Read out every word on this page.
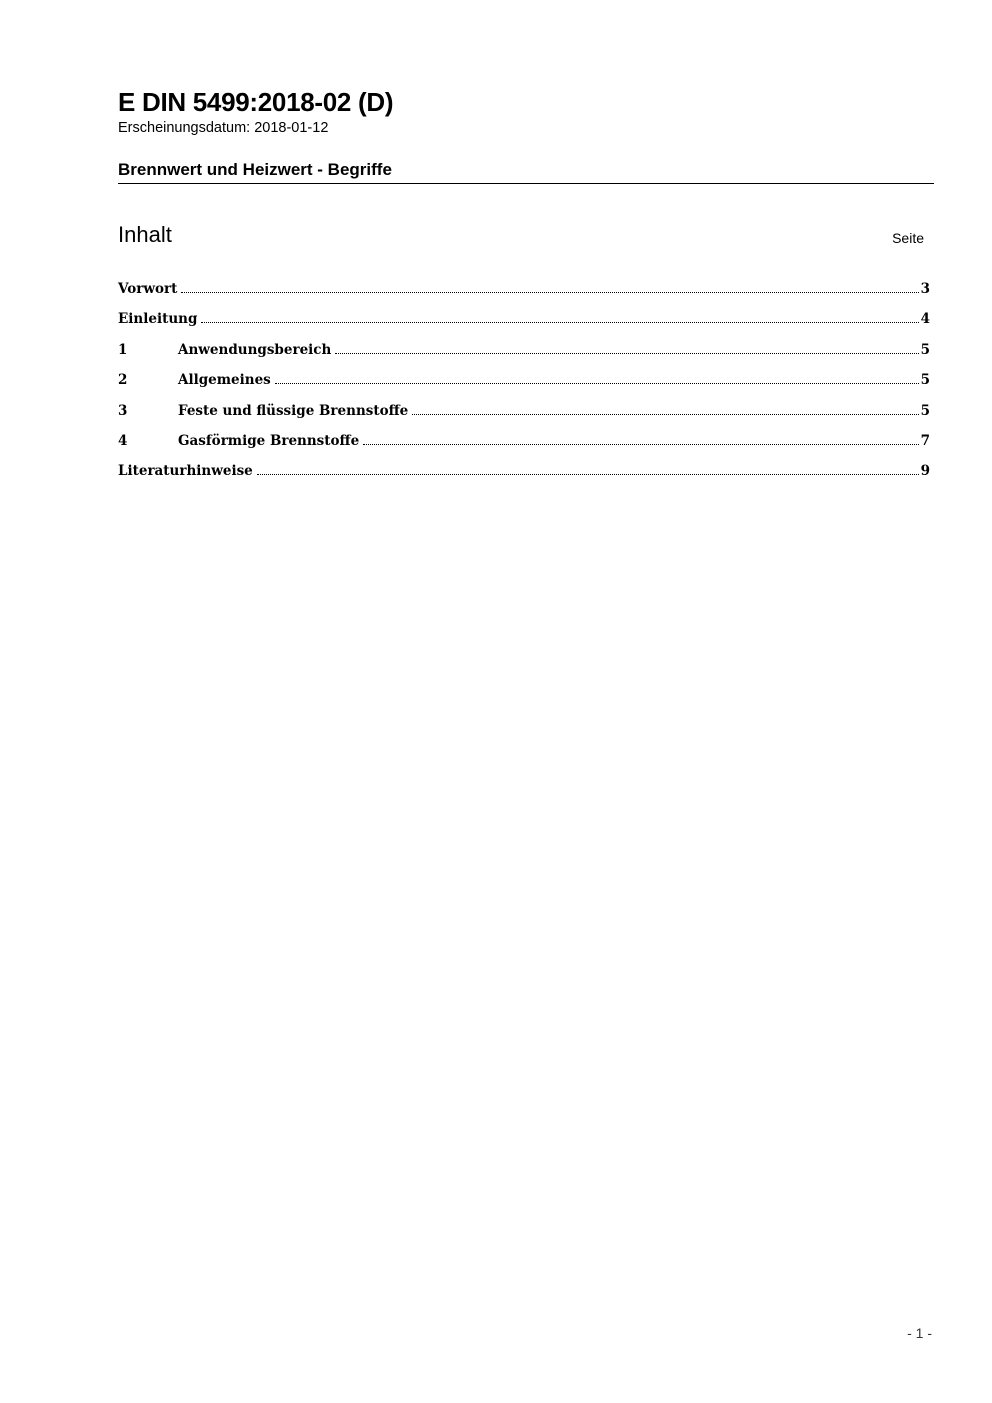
E DIN 5499:2018-02 (D)
Erscheinungsdatum: 2018-01-12
Brennwert und Heizwert - Begriffe
Inhalt	Seite
Vorwort	3
Einleitung	4
1	Anwendungsbereich	5
2	Allgemeines	5
3	Feste und flüssige Brennstoffe	5
4	Gasförmige Brennstoffe	7
Literaturhinweise	9
- 1 -
